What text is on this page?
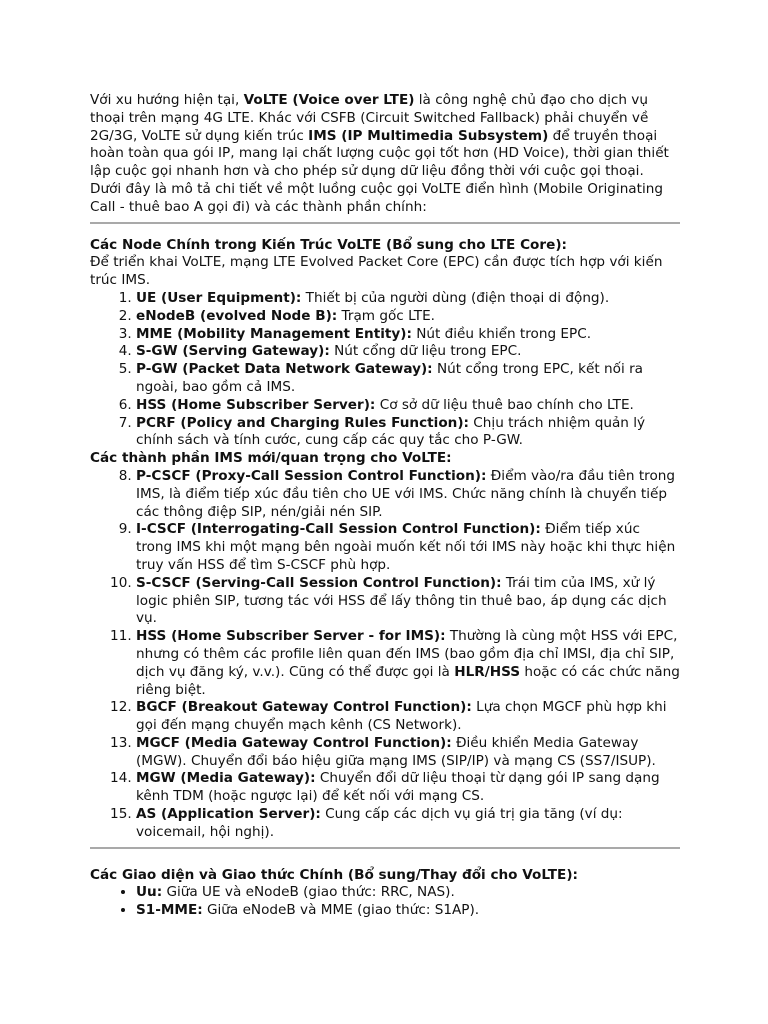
Với xu hướng hiện tại, VoLTE (Voice over LTE) là công nghệ chủ đạo cho dịch vụ thoại trên mạng 4G LTE. Khác với CSFB (Circuit Switched Fallback) phải chuyển về 2G/3G, VoLTE sử dụng kiến trúc IMS (IP Multimedia Subsystem) để truyền thoại hoàn toàn qua gói IP, mang lại chất lượng cuộc gọi tốt hơn (HD Voice), thời gian thiết lập cuộc gọi nhanh hơn và cho phép sử dụng dữ liệu đồng thời với cuộc gọi thoại.

Dưới đây là mô tả chi tiết về một luồng cuộc gọi VoLTE điển hình (Mobile Originating Call - thuê bao A gọi đi) và các thành phần chính:

Các Node Chính trong Kiến Trúc VoLTE (Bổ sung cho LTE Core):

Để triển khai VoLTE, mạng LTE Evolved Packet Core (EPC) cần được tích hợp với kiến trúc IMS.

1. UE (User Equipment): Thiết bị của người dùng (điện thoại di động).
2. eNodeB (evolved Node B): Trạm gốc LTE.
3. MME (Mobility Management Entity): Nút điều khiển trong EPC.
4. S-GW (Serving Gateway): Nút cổng dữ liệu trong EPC.
5. P-GW (Packet Data Network Gateway): Nút cổng trong EPC, kết nối ra ngoài, bao gồm cả IMS.
6. HSS (Home Subscriber Server): Cơ sở dữ liệu thuê bao chính cho LTE.
7. PCRF (Policy and Charging Rules Function): Chịu trách nhiệm quản lý chính sách và tính cước, cung cấp các quy tắc cho P-GW.

Các thành phần IMS mới/quan trọng cho VoLTE:

8. P-CSCF (Proxy-Call Session Control Function): Điểm vào/ra đầu tiên trong IMS, là điểm tiếp xúc đầu tiên cho UE với IMS. Chức năng chính là chuyển tiếp các thông điệp SIP, nén/giải nén SIP.
9. I-CSCF (Interrogating-Call Session Control Function): Điểm tiếp xúc trong IMS khi một mạng bên ngoài muốn kết nối tới IMS này hoặc khi thực hiện truy vấn HSS để tìm S-CSCF phù hợp.
10. S-CSCF (Serving-Call Session Control Function): Trái tim của IMS, xử lý logic phiên SIP, tương tác với HSS để lấy thông tin thuê bao, áp dụng các dịch vụ.
11. HSS (Home Subscriber Server - for IMS): Thường là cùng một HSS với EPC, nhưng có thêm các profile liên quan đến IMS (bao gồm địa chỉ IMSI, địa chỉ SIP, dịch vụ đăng ký, v.v.). Cũng có thể được gọi là HLR/HSS hoặc có các chức năng riêng biệt.
12. BGCF (Breakout Gateway Control Function): Lựa chọn MGCF phù hợp khi gọi đến mạng chuyển mạch kênh (CS Network).
13. MGCF (Media Gateway Control Function): Điều khiển Media Gateway (MGW). Chuyển đổi báo hiệu giữa mạng IMS (SIP/IP) và mạng CS (SS7/ISUP).
14. MGW (Media Gateway): Chuyển đổi dữ liệu thoại từ dạng gói IP sang dạng kênh TDM (hoặc ngược lại) để kết nối với mạng CS.
15. AS (Application Server): Cung cấp các dịch vụ giá trị gia tăng (ví dụ: voicemail, hội nghị).

Các Giao diện và Giao thức Chính (Bổ sung/Thay đổi cho VoLTE):

• Uu: Giữa UE và eNodeB (giao thức: RRC, NAS).
• S1-MME: Giữa eNodeB và MME (giao thức: S1AP).
